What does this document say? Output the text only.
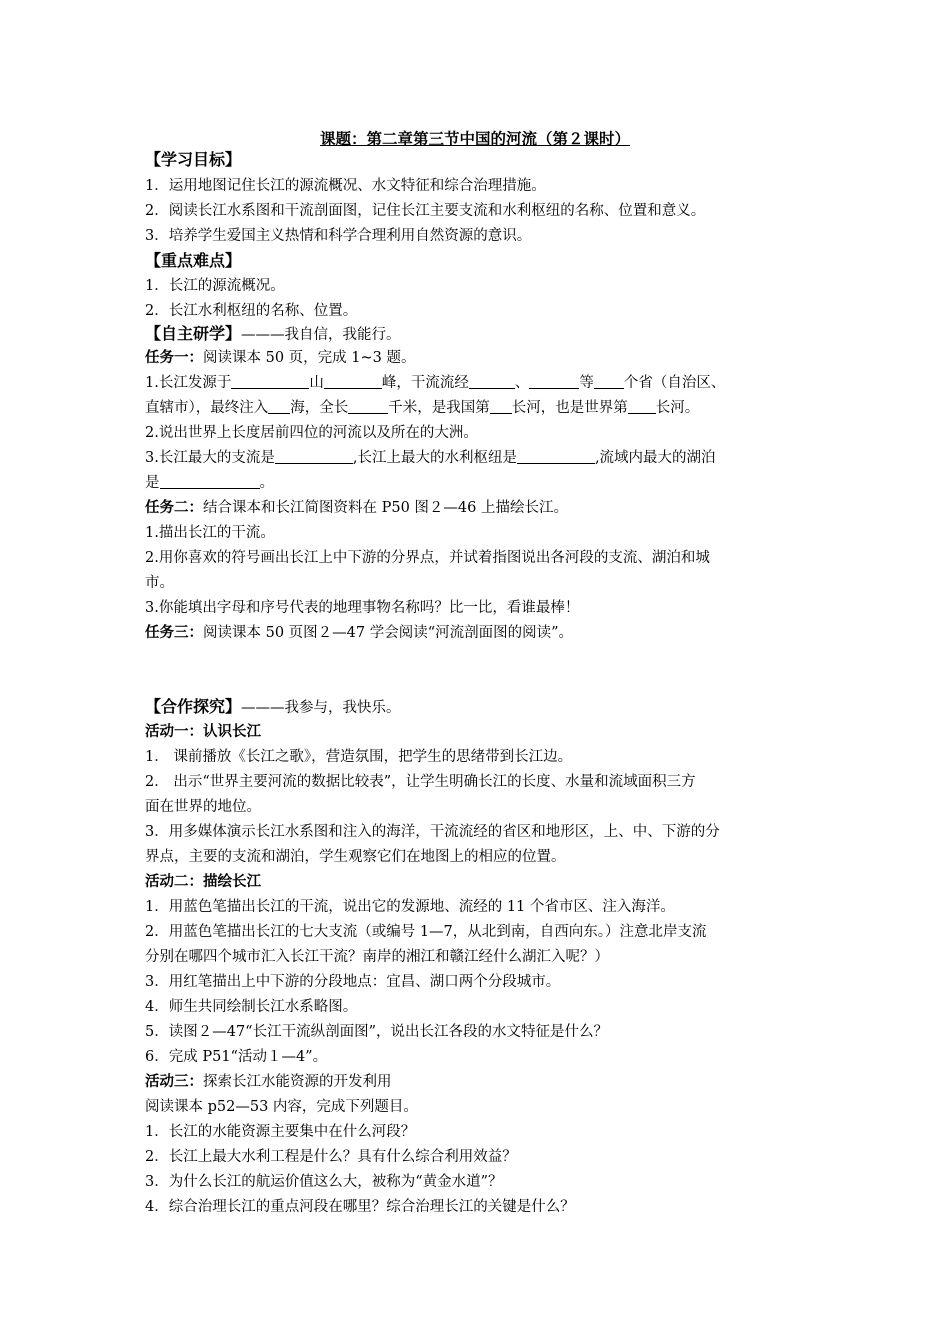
课题：第二章第三节中国的河流（第２课时）
【学习目标】
1．运用地图记住长江的源流概况、水文特征和综合治理措施。
2．阅读长江水系图和干流剖面图，记住长江主要支流和水利枢纽的名称、位置和意义。
3．培养学生爱国主义热情和科学合理利用自然资源的意识。
【重点难点】
1．长江的源流概况。
2．长江水利枢纽的名称、位置。
【自主研学】———我自信，我能行。
任务一：阅读课本 50 页，完成 1~3 题。
1.长江发源于	山	峰，干流流经	、	等 个省（自治区、
直辖市），最终注入 海，全长	千米，是我国第 长河，也是世界第 长河。
2.说出世界上长度居前四位的河流以及所在的大洲。
3.长江最大的支流是	,长江上最大的水利枢纽是	,流域内最大的湖泊
是	。
任务二：结合课本和长江简图资料在 P50 图２—46 上描绘长江。
1.描出长江的干流。
2.用你喜欢的符号画出长江上中下游的分界点，并试着指图说出各河段的支流、湖泊和城
市。
3.你能填出字母和序号代表的地理事物名称吗？比一比，看谁最棒！
任务三：阅读课本 50 页图２—47 学会阅读“河流剖面图的阅读”。
【合作探究】———我参与，我快乐。
活动一：认识长江
1． 课前播放《长江之歌》，营造氛围，把学生的思绪带到长江边。
2． 出示“世界主要河流的数据比较表”，让学生明确长江的长度、水量和流域面积三方
面在世界的地位。
3．用多媒体演示长江水系图和注入的海洋，干流流经的省区和地形区，上、中、下游的分
界点，主要的支流和湖泊，学生观察它们在地图上的相应的位置。
活动二：描绘长江
1．用蓝色笔描出长江的干流，说出它的发源地、流经的 11 个省市区、注入海洋。
2．用蓝色笔描出长江的七大支流（或编号 1—7，从北到南，自西向东。）注意北岸支流
分别在哪四个城市汇入长江干流？南岸的湘江和赣江经什么湖汇入呢？）
3．用红笔描出上中下游的分段地点：宜昌、湖口两个分段城市。
4．师生共同绘制长江水系略图。
5．读图２—47“长江干流纵剖面图”，说出长江各段的水文特征是什么？
6．完成 P51“活动１—4”。
活动三：探索长江水能资源的开发利用
阅读课本 p52—53 内容，完成下列题目。
1．长江的水能资源主要集中在什么河段？
2．长江上最大水利工程是什么？具有什么综合利用效益？
3．为什么长江的航运价值这么大，被称为“黄金水道”？
4．综合治理长江的重点河段在哪里？综合治理长江的关键是什么？
